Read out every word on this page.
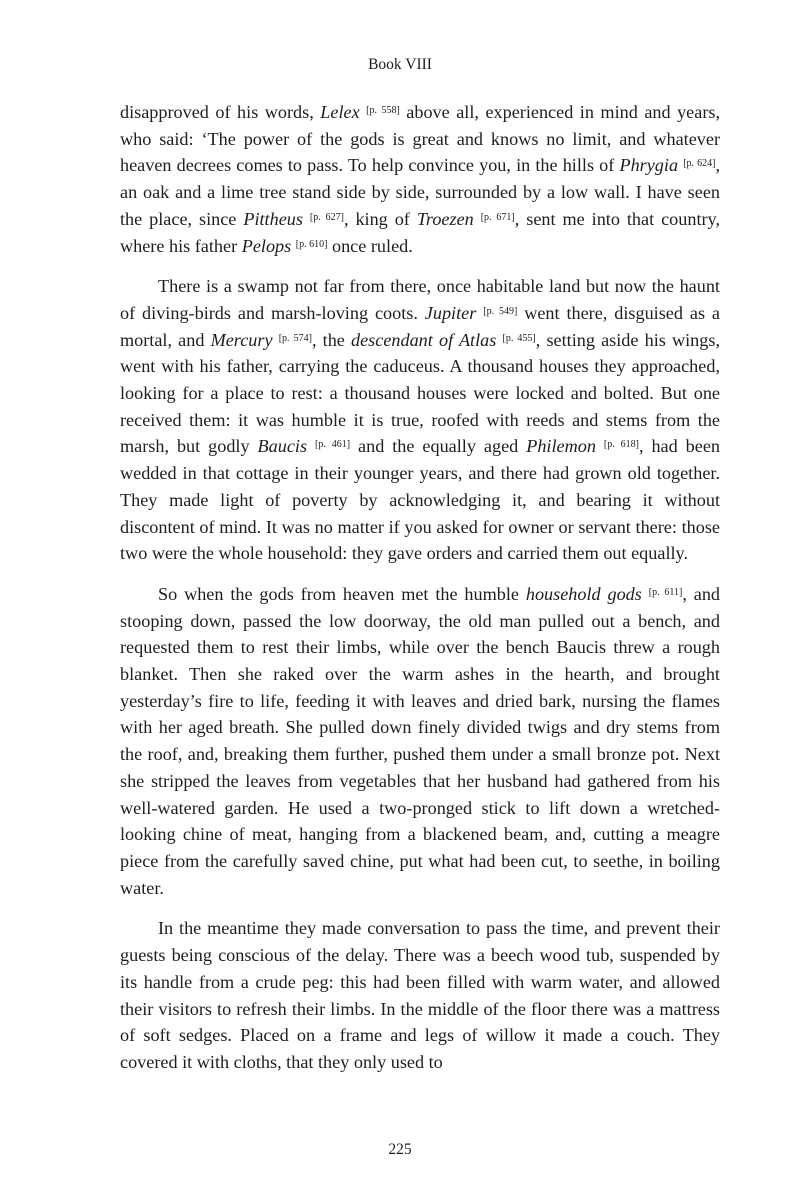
Book VIII

disapproved of his words, Lelex [p. 558] above all, experienced in mind and years, who said: ‘The power of the gods is great and knows no limit, and whatever heaven decrees comes to pass. To help convince you, in the hills of Phrygia [p. 624], an oak and a lime tree stand side by side, surrounded by a low wall. I have seen the place, since Pittheus [p. 627], king of Troezen [p. 671], sent me into that country, where his father Pelops [p. 610] once ruled.

There is a swamp not far from there, once habitable land but now the haunt of diving-birds and marsh-loving coots. Jupiter [p. 549] went there, disguised as a mortal, and Mercury [p. 574], the descendant of Atlas [p. 455], setting aside his wings, went with his father, carrying the caduceus. A thousand houses they approached, looking for a place to rest: a thousand houses were locked and bolted. But one received them: it was humble it is true, roofed with reeds and stems from the marsh, but godly Baucis [p. 461] and the equally aged Philemon [p. 618], had been wedded in that cottage in their younger years, and there had grown old together. They made light of poverty by acknowledging it, and bearing it without discontent of mind. It was no matter if you asked for owner or servant there: those two were the whole household: they gave orders and carried them out equally.

So when the gods from heaven met the humble household gods [p. 611], and stooping down, passed the low doorway, the old man pulled out a bench, and requested them to rest their limbs, while over the bench Baucis threw a rough blanket. Then she raked over the warm ashes in the hearth, and brought yesterday’s fire to life, feeding it with leaves and dried bark, nursing the flames with her aged breath. She pulled down finely divided twigs and dry stems from the roof, and, breaking them further, pushed them under a small bronze pot. Next she stripped the leaves from vegetables that her husband had gathered from his well-watered garden. He used a two-pronged stick to lift down a wretched-looking chine of meat, hanging from a blackened beam, and, cutting a meagre piece from the carefully saved chine, put what had been cut, to seethe, in boiling water.

In the meantime they made conversation to pass the time, and prevent their guests being conscious of the delay. There was a beech wood tub, suspended by its handle from a crude peg: this had been filled with warm water, and allowed their visitors to refresh their limbs. In the middle of the floor there was a mattress of soft sedges. Placed on a frame and legs of willow it made a couch. They covered it with cloths, that they only used to

225
